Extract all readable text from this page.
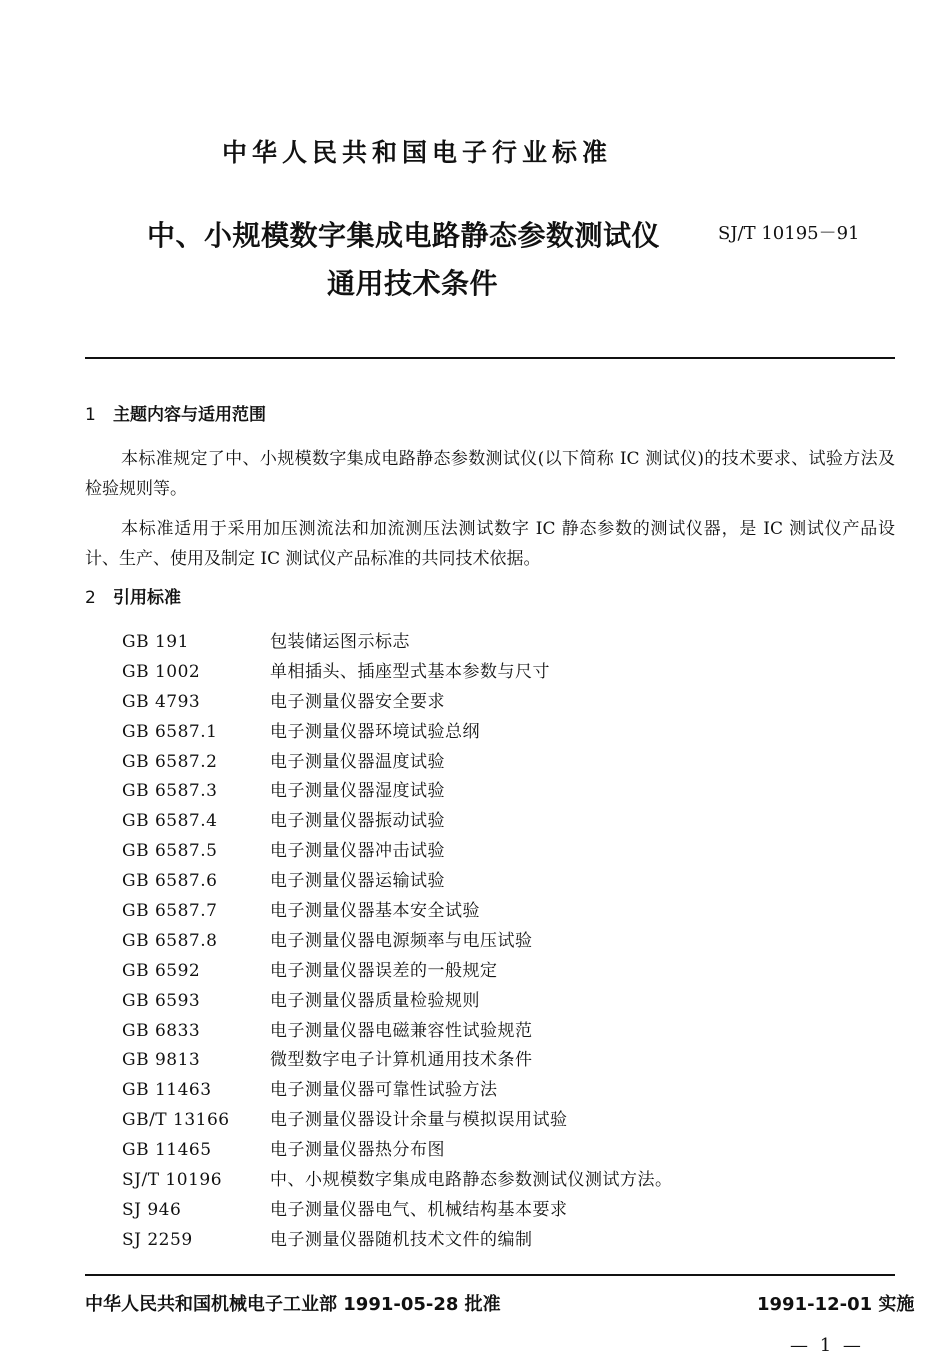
中华人民共和国电子行业标准
中、小规模数字集成电路静态参数测试仪	SJ/T 10195－91
通用技术条件
1 主题内容与适用范围

本标准规定了中、小规模数字集成电路静态参数测试仪(以下简称 IC 测试仪)的技术要求、试验方法及检验规则等。

本标准适用于采用加压测流法和加流测压法测试数字 IC 静态参数的测试仪器，是 IC 测试仪产品设计、生产、使用及制定 IC 测试仪产品标准的共同技术依据。

2 引用标准
GB 191	包装储运图示标志
GB 1002	单相插头、插座型式基本参数与尺寸
GB 4793	电子测量仪器安全要求
GB 6587.1	电子测量仪器环境试验总纲
GB 6587.2	电子测量仪器温度试验
GB 6587.3	电子测量仪器湿度试验
GB 6587.4	电子测量仪器振动试验
GB 6587.5	电子测量仪器冲击试验
GB 6587.6	电子测量仪器运输试验
GB 6587.7	电子测量仪器基本安全试验
GB 6587.8	电子测量仪器电源频率与电压试验
GB 6592	电子测量仪器误差的一般规定
GB 6593	电子测量仪器质量检验规则
GB 6833	电子测量仪器电磁兼容性试验规范
GB 9813	微型数字电子计算机通用技术条件
GB 11463	电子测量仪器可靠性试验方法
GB/T 13166	电子测量仪器设计余量与模拟误用试验
GB 11465	电子测量仪器热分布图
SJ/T 10196	中、小规模数字集成电路静态参数测试仪测试方法。
SJ 946	电子测量仪器电气、机械结构基本要求
SJ 2259	电子测量仪器随机技术文件的编制
中华人民共和国机械电子工业部 1991-05-28 批准	1991-12-01 实施
— 1 —
